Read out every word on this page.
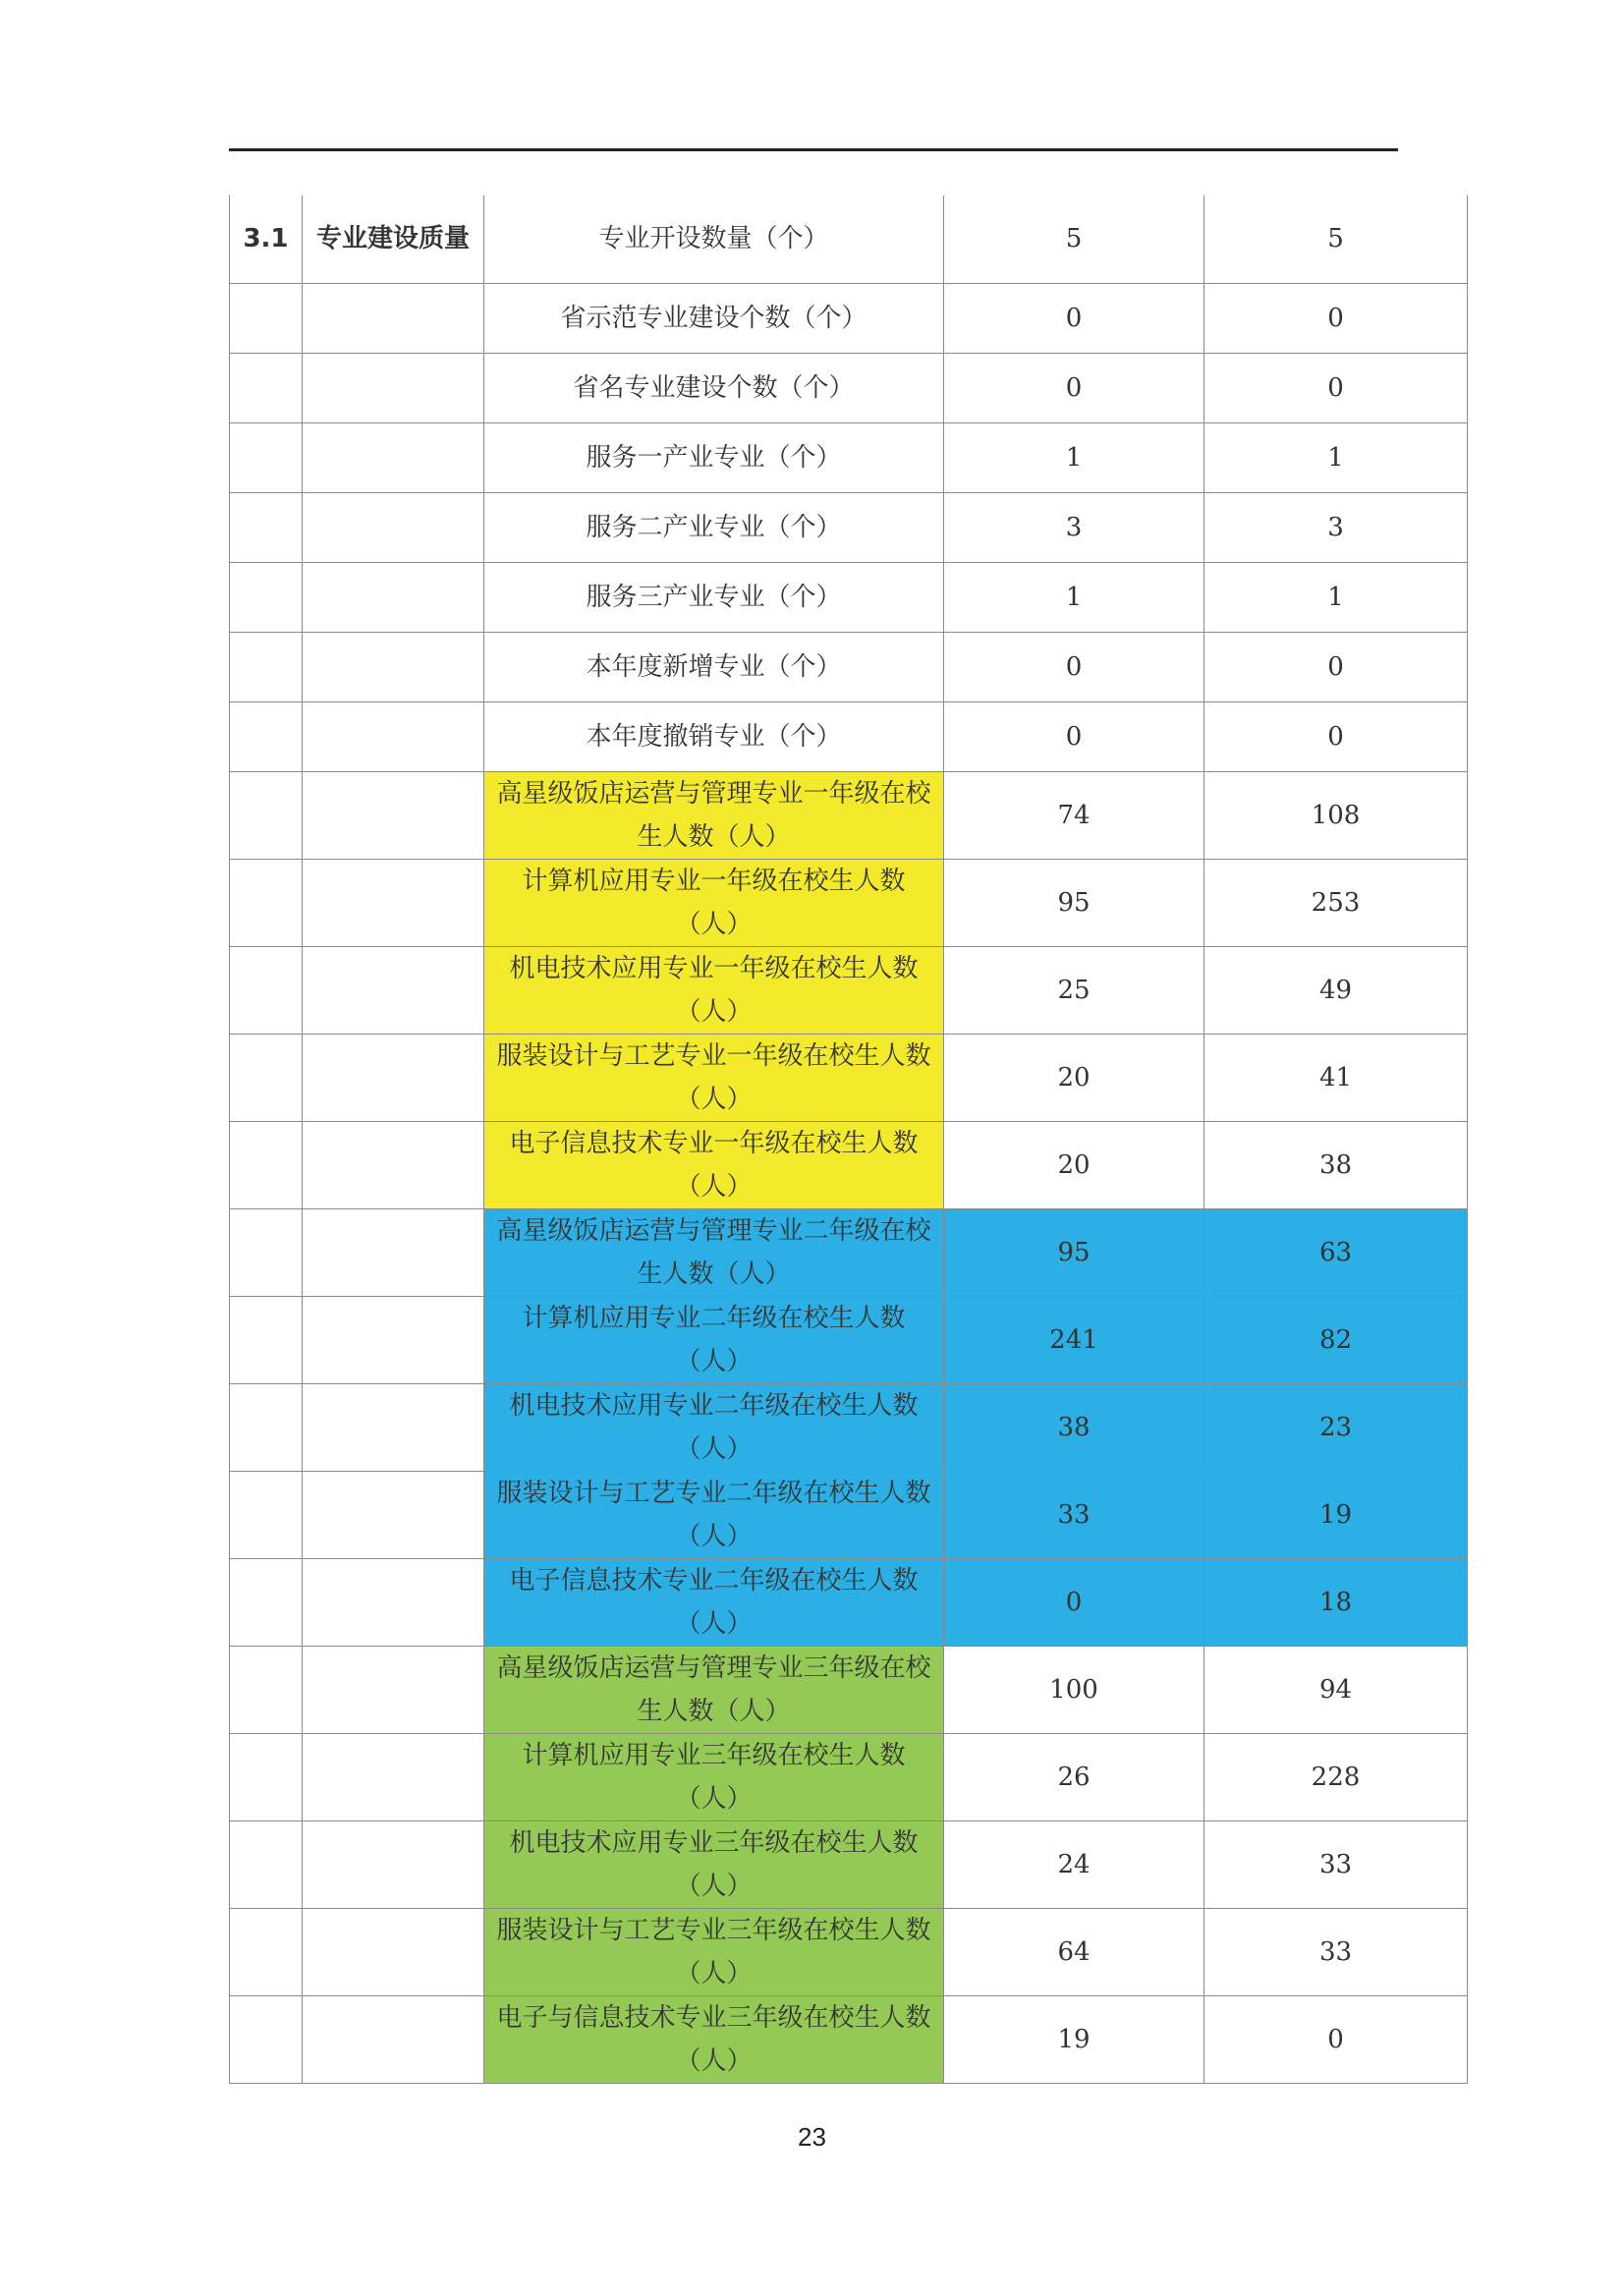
3.1	专业建设质量	专业开设数量（个）	5	5
		省示范专业建设个数（个）	0	0
		省名专业建设个数（个）	0	0
		服务一产业专业（个）	1	1
		服务二产业专业（个）	3	3
		服务三产业专业（个）	1	1
		本年度新增专业（个）	0	0
		本年度撤销专业（个）	0	0
		高星级饭店运营与管理专业一年级在校生人数（人）	74	108
		计算机应用专业一年级在校生人数（人）	95	253
		机电技术应用专业一年级在校生人数（人）	25	49
		服装设计与工艺专业一年级在校生人数（人）	20	41
		电子信息技术专业一年级在校生人数（人）	20	38
		高星级饭店运营与管理专业二年级在校生人数（人）	95	63
		计算机应用专业二年级在校生人数（人）	241	82
		机电技术应用专业二年级在校生人数（人）	38	23
		服装设计与工艺专业二年级在校生人数（人）	33	19
		电子信息技术专业二年级在校生人数（人）	0	18
		高星级饭店运营与管理专业三年级在校生人数（人）	100	94
		计算机应用专业三年级在校生人数（人）	26	228
		机电技术应用专业三年级在校生人数（人）	24	33
		服装设计与工艺专业三年级在校生人数（人）	64	33
		电子与信息技术专业三年级在校生人数（人）	19	0
23
